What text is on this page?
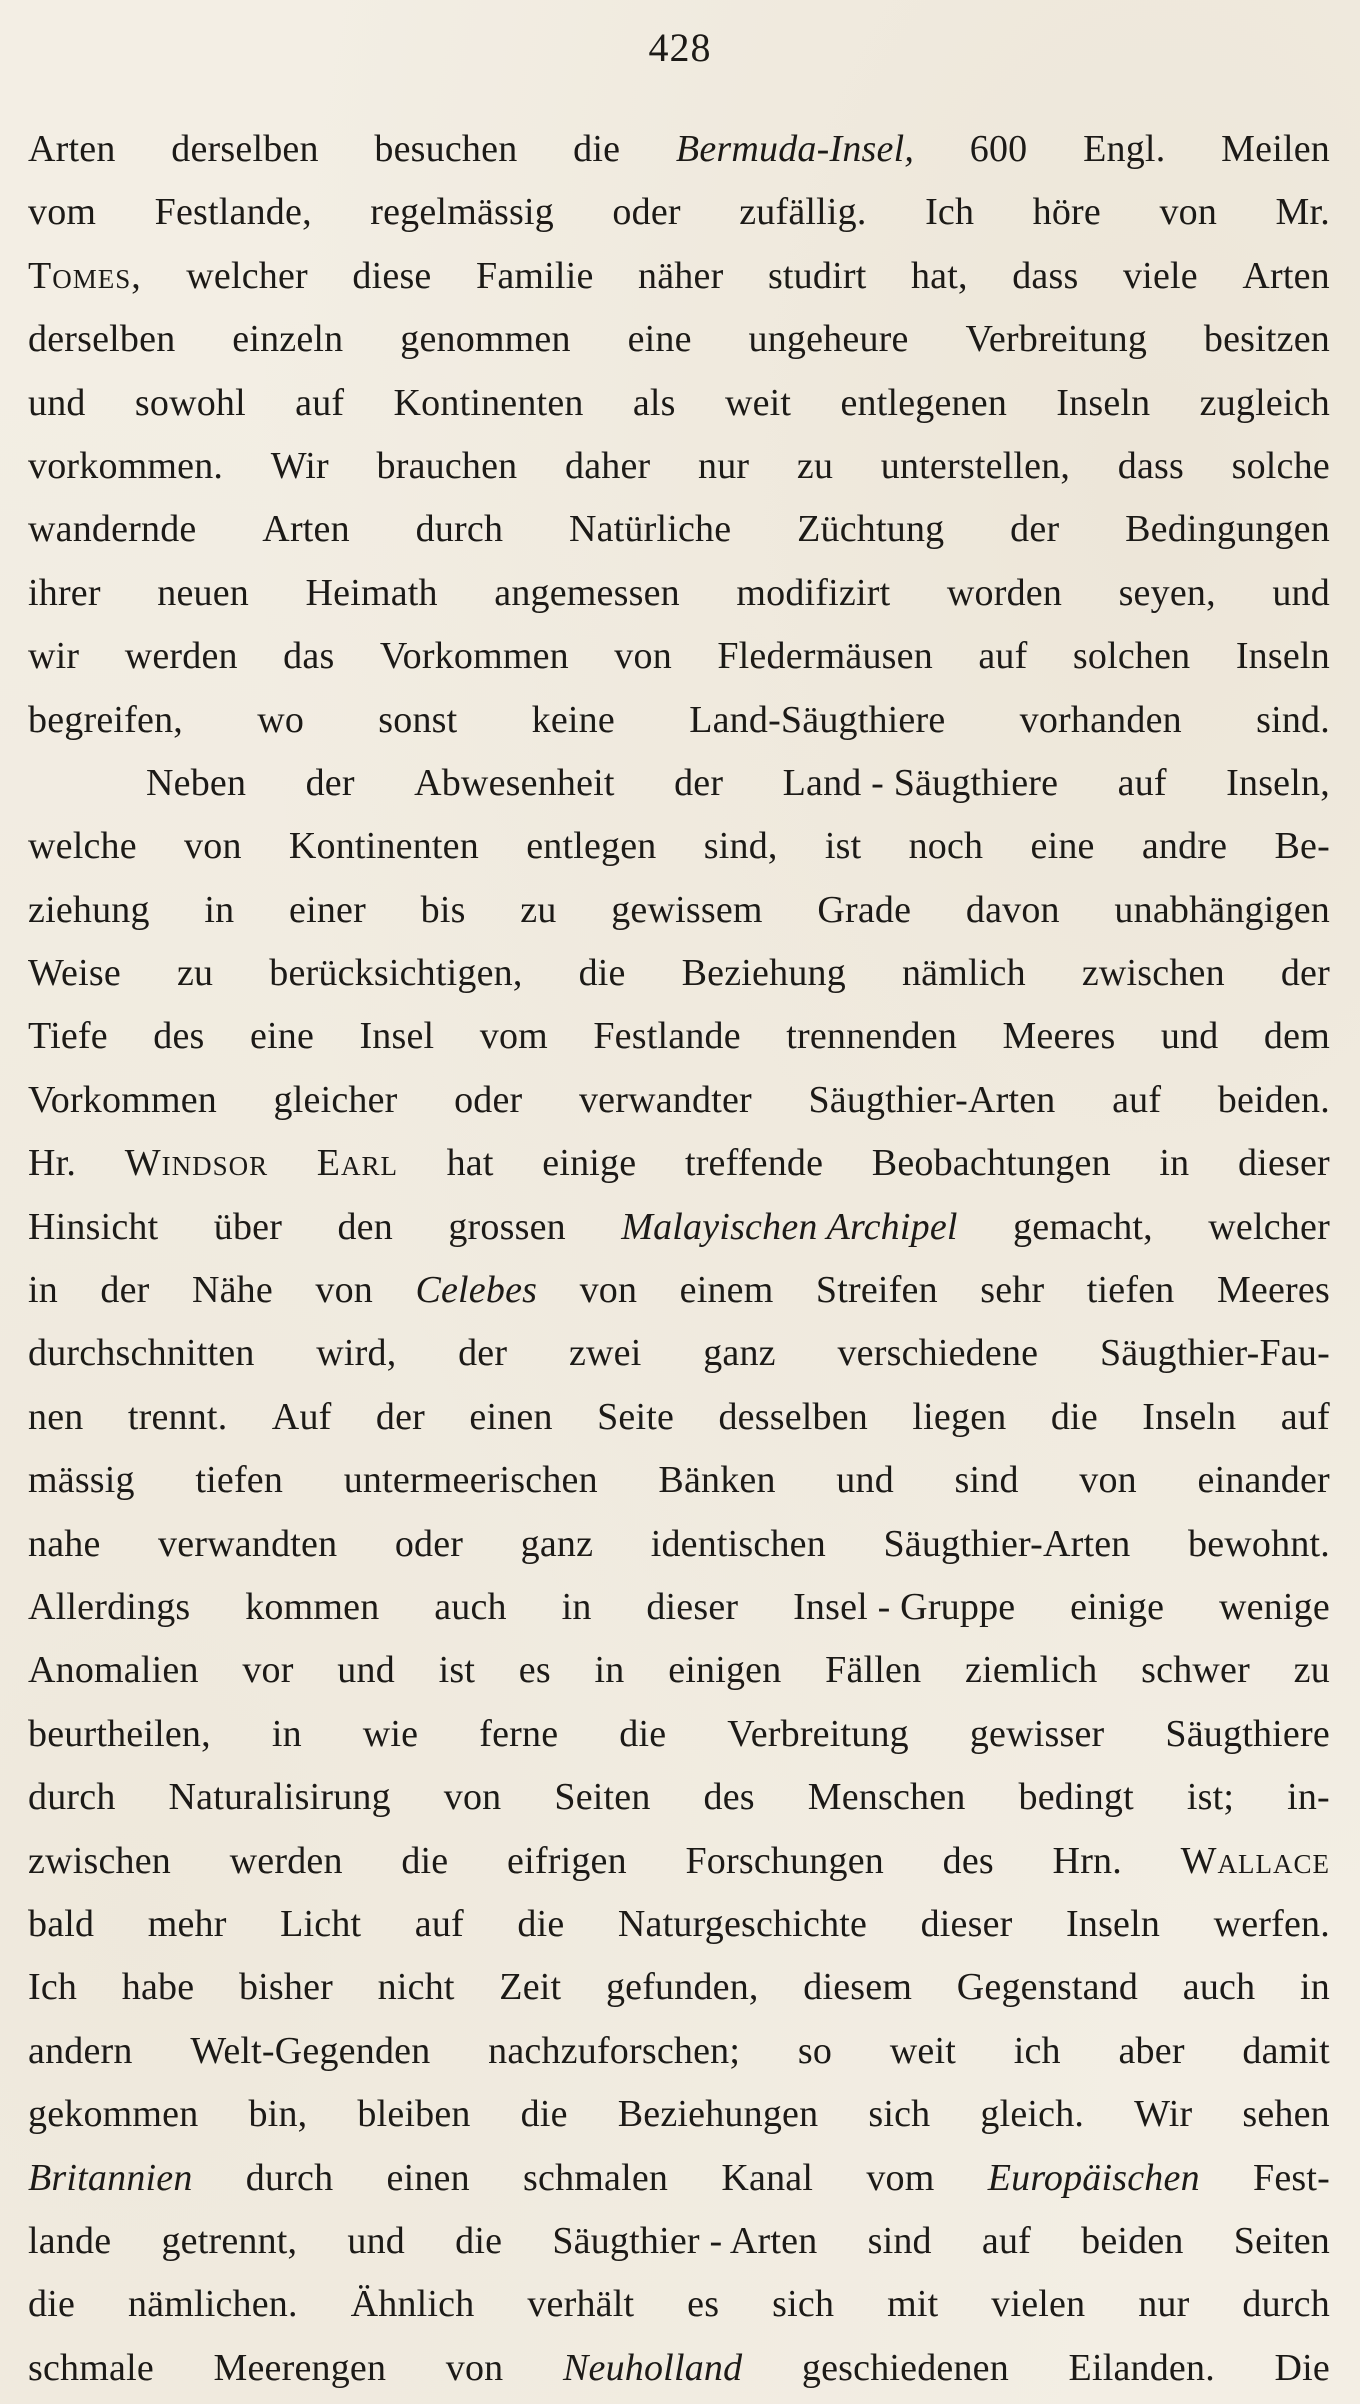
428
Arten derselben besuchen die Bermuda-Insel, 600 Engl. Meilen
vom Festlande, regelmässig oder zufällig. Ich höre von Mr.
Tomes, welcher diese Familie näher studirt hat, dass viele Arten
derselben einzeln genommen eine ungeheure Verbreitung besitzen
und sowohl auf Kontinenten als weit entlegenen Inseln zugleich
vorkommen. Wir brauchen daher nur zu unterstellen, dass solche
wandernde Arten durch Natürliche Züchtung der Bedingungen
ihrer neuen Heimath angemessen modifizirt worden seyen, und
wir werden das Vorkommen von Fledermäusen auf solchen Inseln
begreifen, wo sonst keine Land-Säugthiere vorhanden sind.
Neben der Abwesenheit der Land - Säugthiere auf Inseln,
welche von Kontinenten entlegen sind, ist noch eine andre Be-
ziehung in einer bis zu gewissem Grade davon unabhängigen
Weise zu berücksichtigen, die Beziehung nämlich zwischen der
Tiefe des eine Insel vom Festlande trennenden Meeres und dem
Vorkommen gleicher oder verwandter Säugthier-Arten auf beiden.
Hr. Windsor Earl hat einige treffende Beobachtungen in dieser
Hinsicht über den grossen Malayischen Archipel gemacht, welcher
in der Nähe von Celebes von einem Streifen sehr tiefen Meeres
durchschnitten wird, der zwei ganz verschiedene Säugthier-Fau-
nen trennt. Auf der einen Seite desselben liegen die Inseln auf
mässig tiefen untermeerischen Bänken und sind von einander
nahe verwandten oder ganz identischen Säugthier-Arten bewohnt.
Allerdings kommen auch in dieser Insel - Gruppe einige wenige
Anomalien vor und ist es in einigen Fällen ziemlich schwer zu
beurtheilen, in wie ferne die Verbreitung gewisser Säugthiere
durch Naturalisirung von Seiten des Menschen bedingt ist; in-
zwischen werden die eifrigen Forschungen des Hrn. Wallace
bald mehr Licht auf die Naturgeschichte dieser Inseln werfen.
Ich habe bisher nicht Zeit gefunden, diesem Gegenstand auch in
andern Welt-Gegenden nachzuforschen; so weit ich aber damit
gekommen bin, bleiben die Beziehungen sich gleich. Wir sehen
Britannien durch einen schmalen Kanal vom Europäischen Fest-
lande getrennt, und die Säugthier - Arten sind auf beiden Seiten
die nämlichen. Ähnlich verhält es sich mit vielen nur durch
schmale Meerengen von Neuholland geschiedenen Eilanden. Die
